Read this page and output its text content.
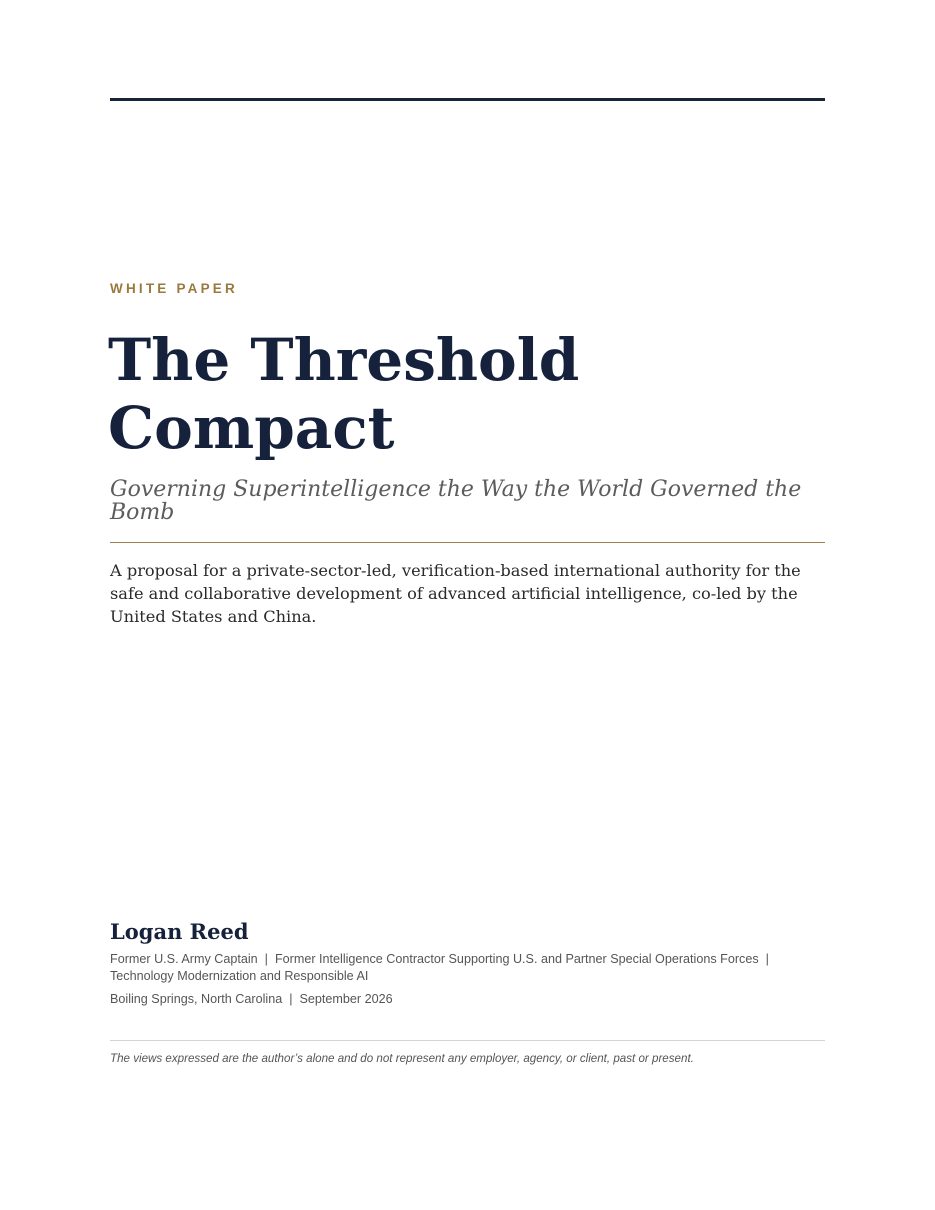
WHITE PAPER
The Threshold
Compact

Governing Superintelligence the Way the World Governed the Bomb

A proposal for a private-sector-led, verification-based international authority for the safe and collaborative development of advanced artificial intelligence, co-led by the United States and China.

Logan Reed
Former U.S. Army Captain | Former Intelligence Contractor Supporting U.S. and Partner Special Operations Forces |
Technology Modernization and Responsible AI
Boiling Springs, North Carolina | September 2026
The views expressed are the author’s alone and do not represent any employer, agency, or client, past or present.
